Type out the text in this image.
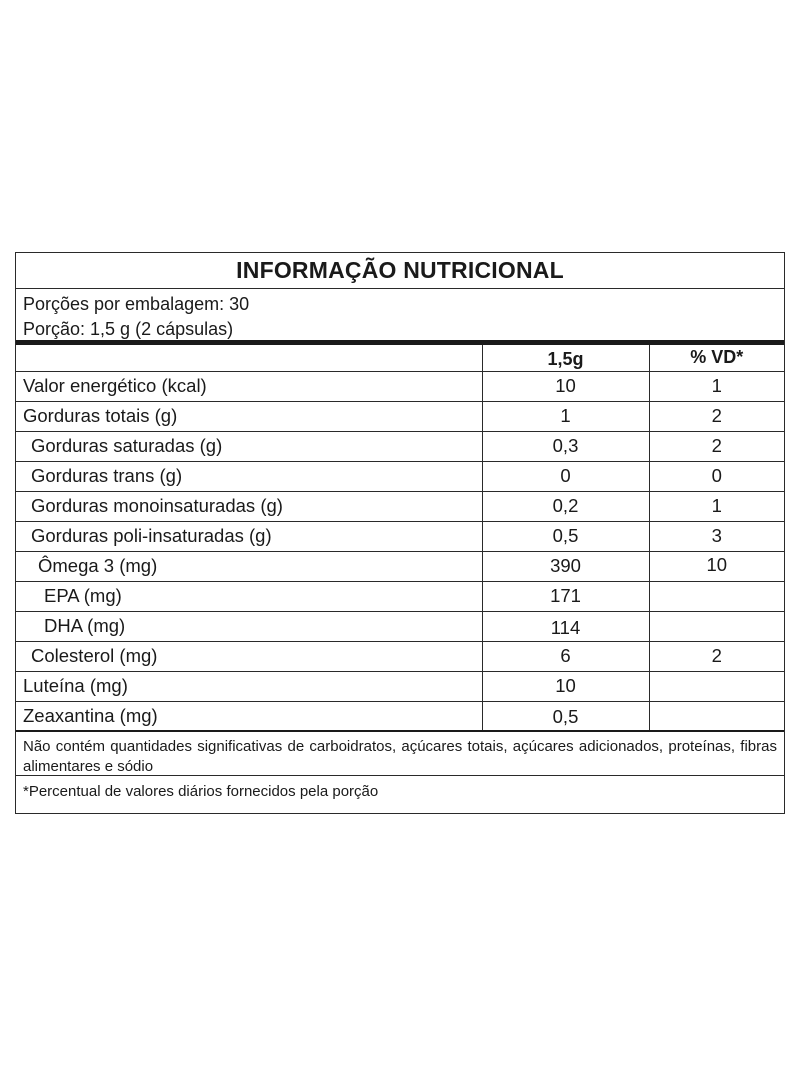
INFORMAÇÃO NUTRICIONAL
Porções por embalagem: 30
Porção: 1,5 g (2 cápsulas)
	1,5g	% VD*
Valor energético (kcal)	10	1
Gorduras totais (g)	1	2
Gorduras saturadas (g)	0,3	2
Gorduras trans (g)	0	0
Gorduras monoinsaturadas (g)	0,2	1
Gorduras poli-insaturadas (g)	0,5	3
Ômega 3 (mg)	390	10
EPA (mg)	171	
DHA (mg)	114	
Colesterol (mg)	6	2
Luteína (mg)	10	
Zeaxantina (mg)	0,5	
Não contém quantidades significativas de carboidratos, açúcares totais, açúcares adicionados, proteínas, fibras alimentares e sódio
*Percentual de valores diários fornecidos pela porção
